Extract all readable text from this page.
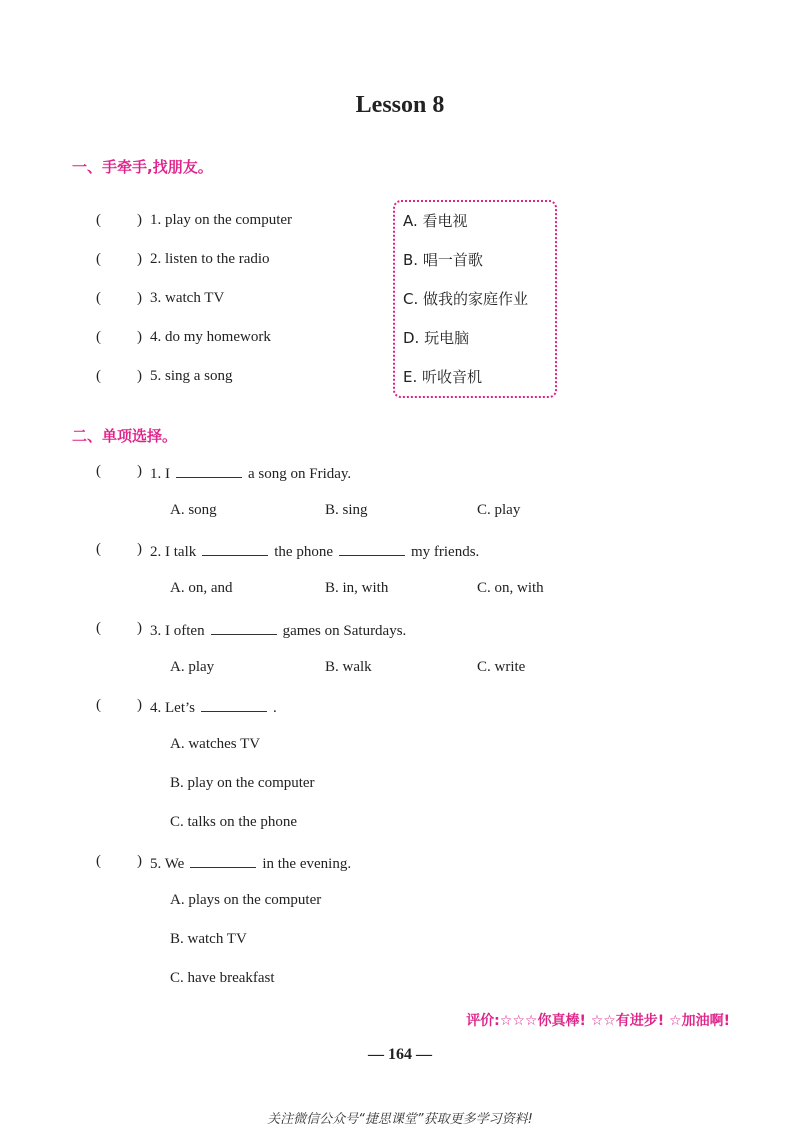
Lesson 8
一、手牵手,找朋友。
( ) 1. play on the computer
( ) 2. listen to the radio
( ) 3. watch TV
( ) 4. do my homework
( ) 5. sing a song
A. 看电视
B. 唱一首歌
C. 做我的家庭作业
D. 玩电脑
E. 听收音机
二、单项选择。
( ) 1. I	a song on Friday.
A. song	B. sing	C. play
( ) 2. I talk	the phone	my friends.
A. on, and	B. in, with	C. on, with
( ) 3. I often	games on Saturdays.
A. play	B. walk	C. write
( ) 4. Let’s	.
A. watches TV
B. play on the computer
C. talks on the phone
( ) 5. We	in the evening.
A. plays on the computer
B. watch TV
C. have breakfast
评价:☆☆☆你真棒! ☆☆有进步! ☆加油啊!
— 164 —
关注微信公众号“捷思课堂”获取更多学习资料!
